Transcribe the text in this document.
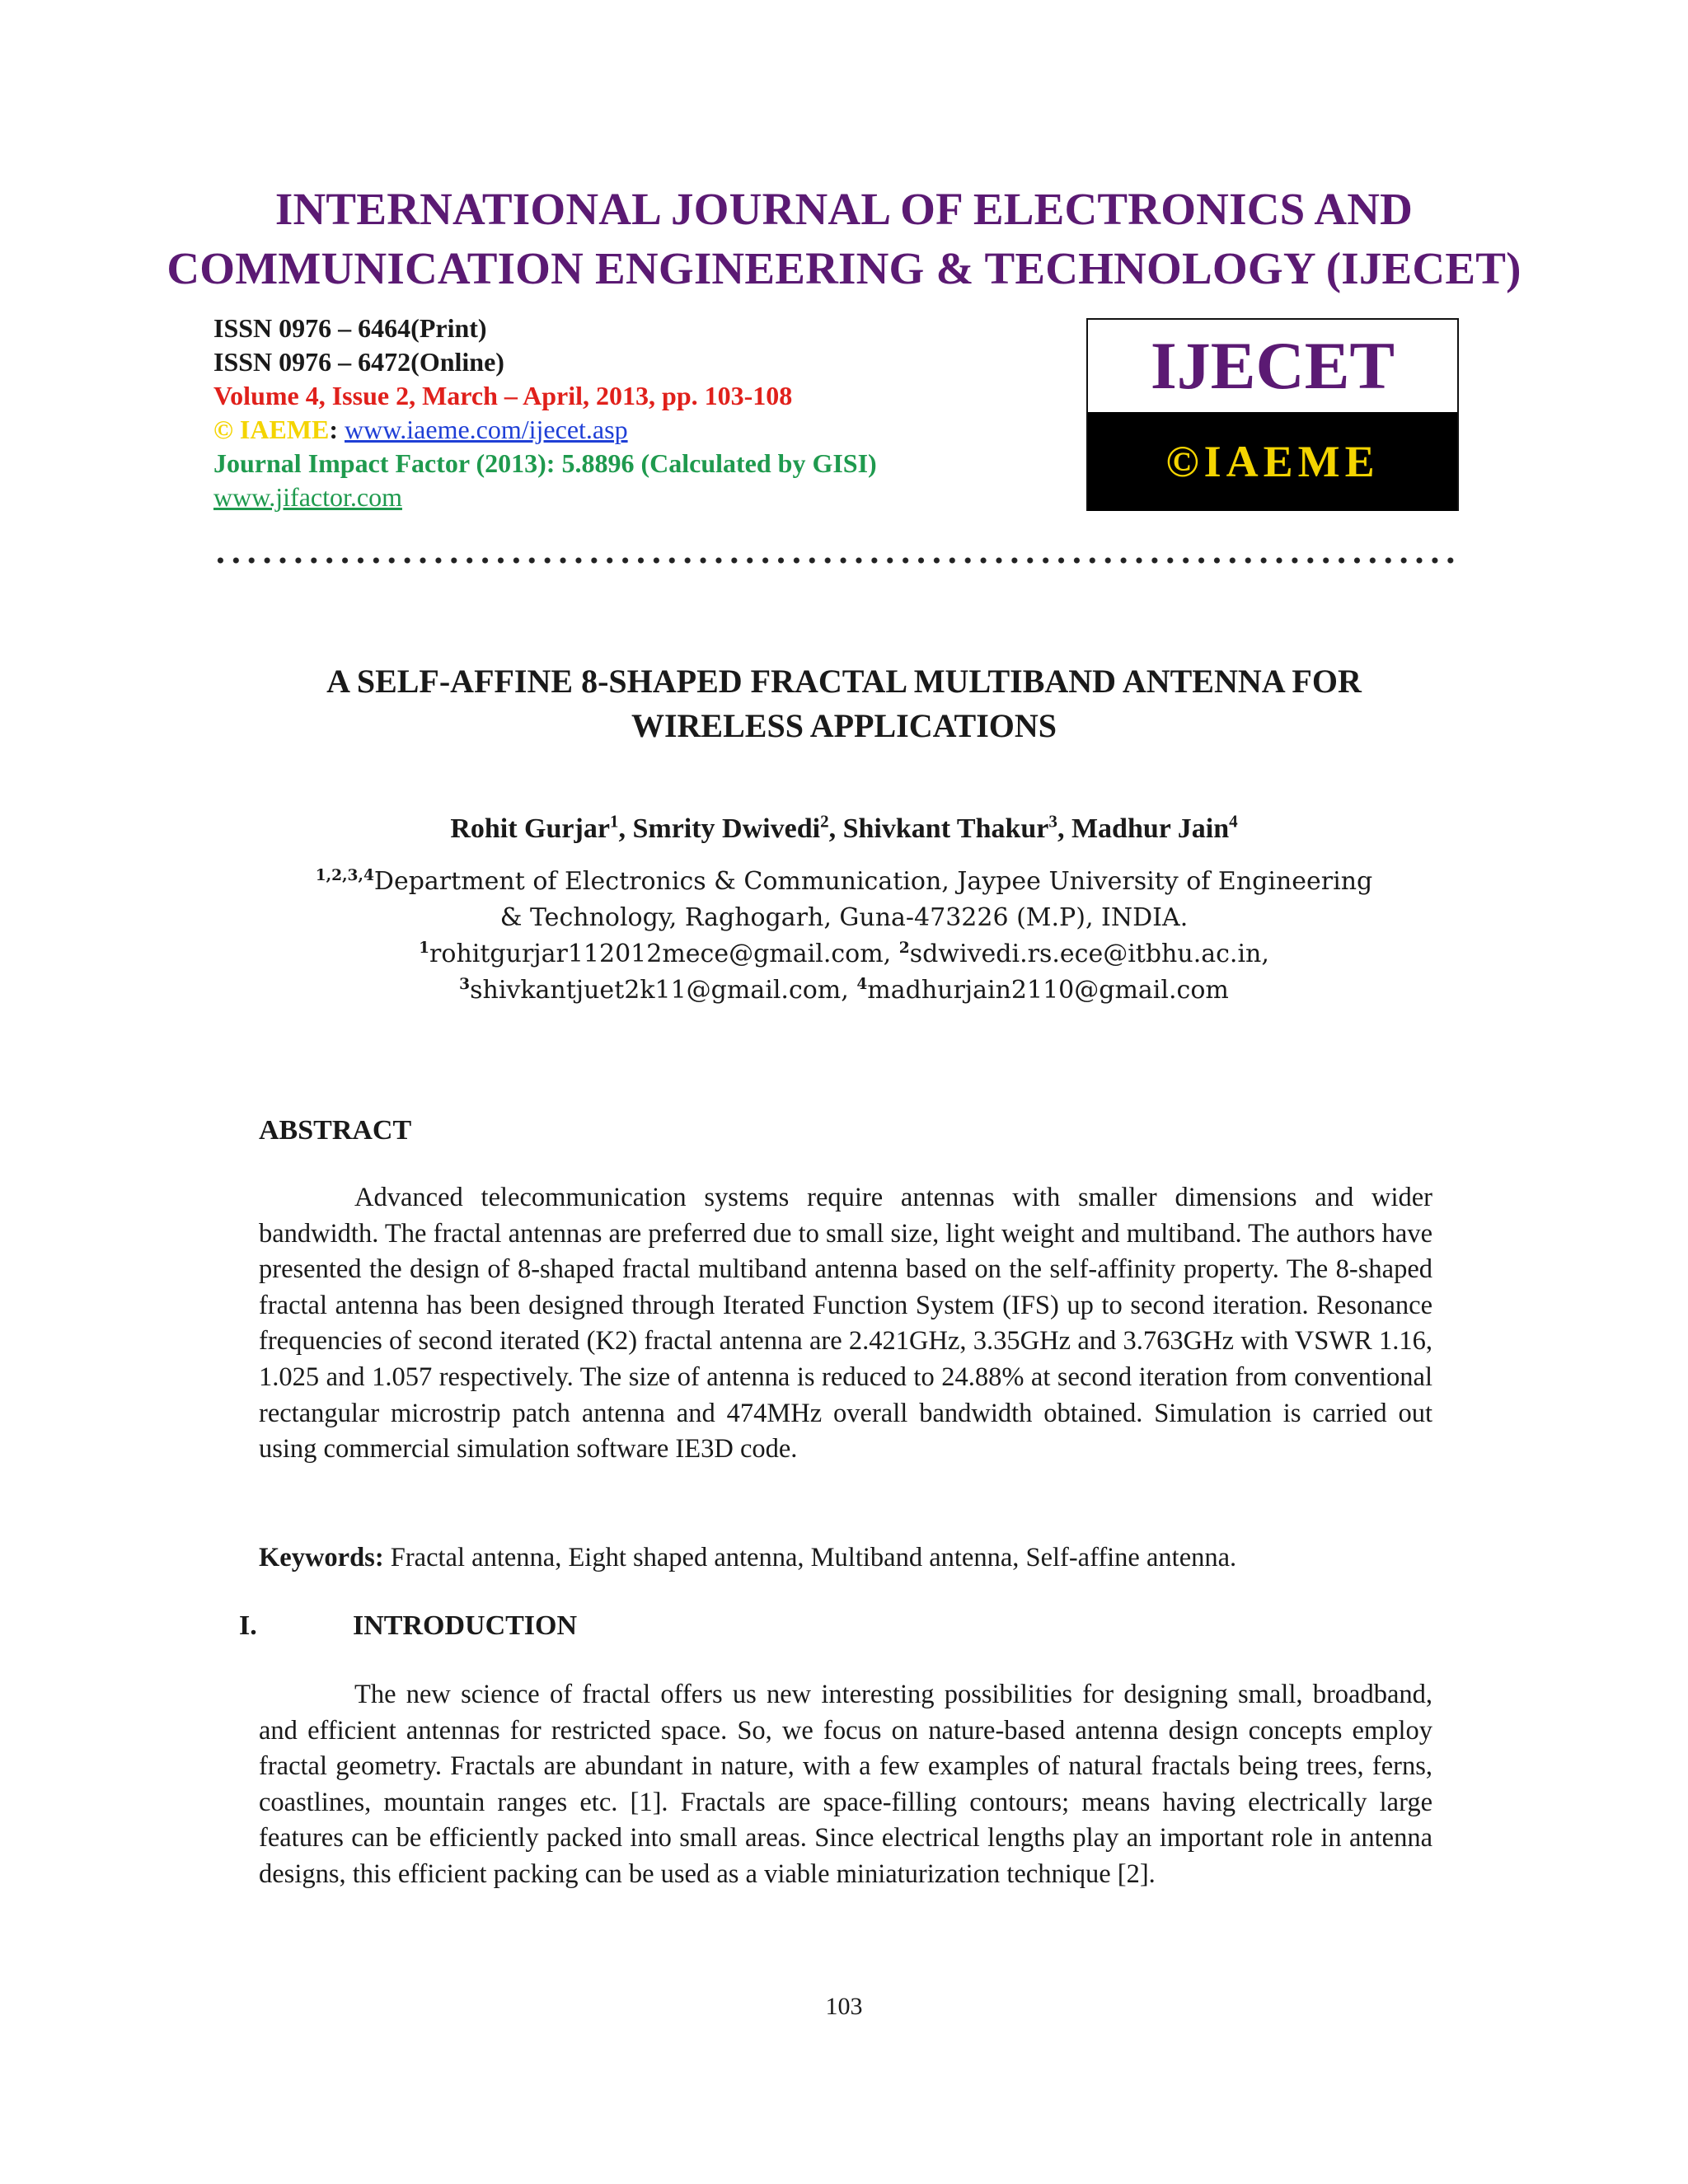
INTERNATIONAL JOURNAL OF ELECTRONICS AND
COMMUNICATION ENGINEERING & TECHNOLOGY (IJECET)
ISSN 0976 – 6464(Print)
ISSN 0976 – 6472(Online)
Volume 4, Issue 2, March – April, 2013, pp. 103-108
© IAEME: www.iaeme.com/ijecet.asp
Journal Impact Factor (2013): 5.8896 (Calculated by GISI)
www.jifactor.com
IJECET
©IAEME
A SELF-AFFINE 8-SHAPED FRACTAL MULTIBAND ANTENNA FOR
WIRELESS APPLICATIONS
Rohit Gurjar$^1$, Smrity Dwivedi$^2$, Shivkant Thakur$^3$, Madhur Jain$^4$
$^{1,2,3,4}$Department of Electronics & Communication, Jaypee University of Engineering
& Technology, Raghogarh, Guna-473226 (M.P), INDIA.
$^1$rohitgurjar112012mece@gmail.com, $^2$sdwivedi.rs.ece@itbhu.ac.in,
$^3$shivkantjuet2k11@gmail.com, $^4$madhurjain2110@gmail.com
ABSTRACT
Advanced telecommunication systems require antennas with smaller dimensions and wider bandwidth. The fractal antennas are preferred due to small size, light weight and multiband. The authors have presented the design of 8-shaped fractal multiband antenna based on the self-affinity property. The 8-shaped fractal antenna has been designed through Iterated Function System (IFS) up to second iteration. Resonance frequencies of second iterated (K2) fractal antenna are 2.421GHz, 3.35GHz and 3.763GHz with VSWR 1.16, 1.025 and 1.057 respectively. The size of antenna is reduced to 24.88% at second iteration from conventional rectangular microstrip patch antenna and 474MHz overall bandwidth obtained. Simulation is carried out using commercial simulation software IE3D code.
Keywords: Fractal antenna, Eight shaped antenna, Multiband antenna, Self-affine antenna.
I.	INTRODUCTION
The new science of fractal offers us new interesting possibilities for designing small, broadband, and efficient antennas for restricted space. So, we focus on nature-based antenna design concepts employ fractal geometry. Fractals are abundant in nature, with a few examples of natural fractals being trees, ferns, coastlines, mountain ranges etc. [1]. Fractals are space-filling contours; means having electrically large features can be efficiently packed into small areas. Since electrical lengths play an important role in antenna designs, this efficient packing can be used as a viable miniaturization technique [2].
103
